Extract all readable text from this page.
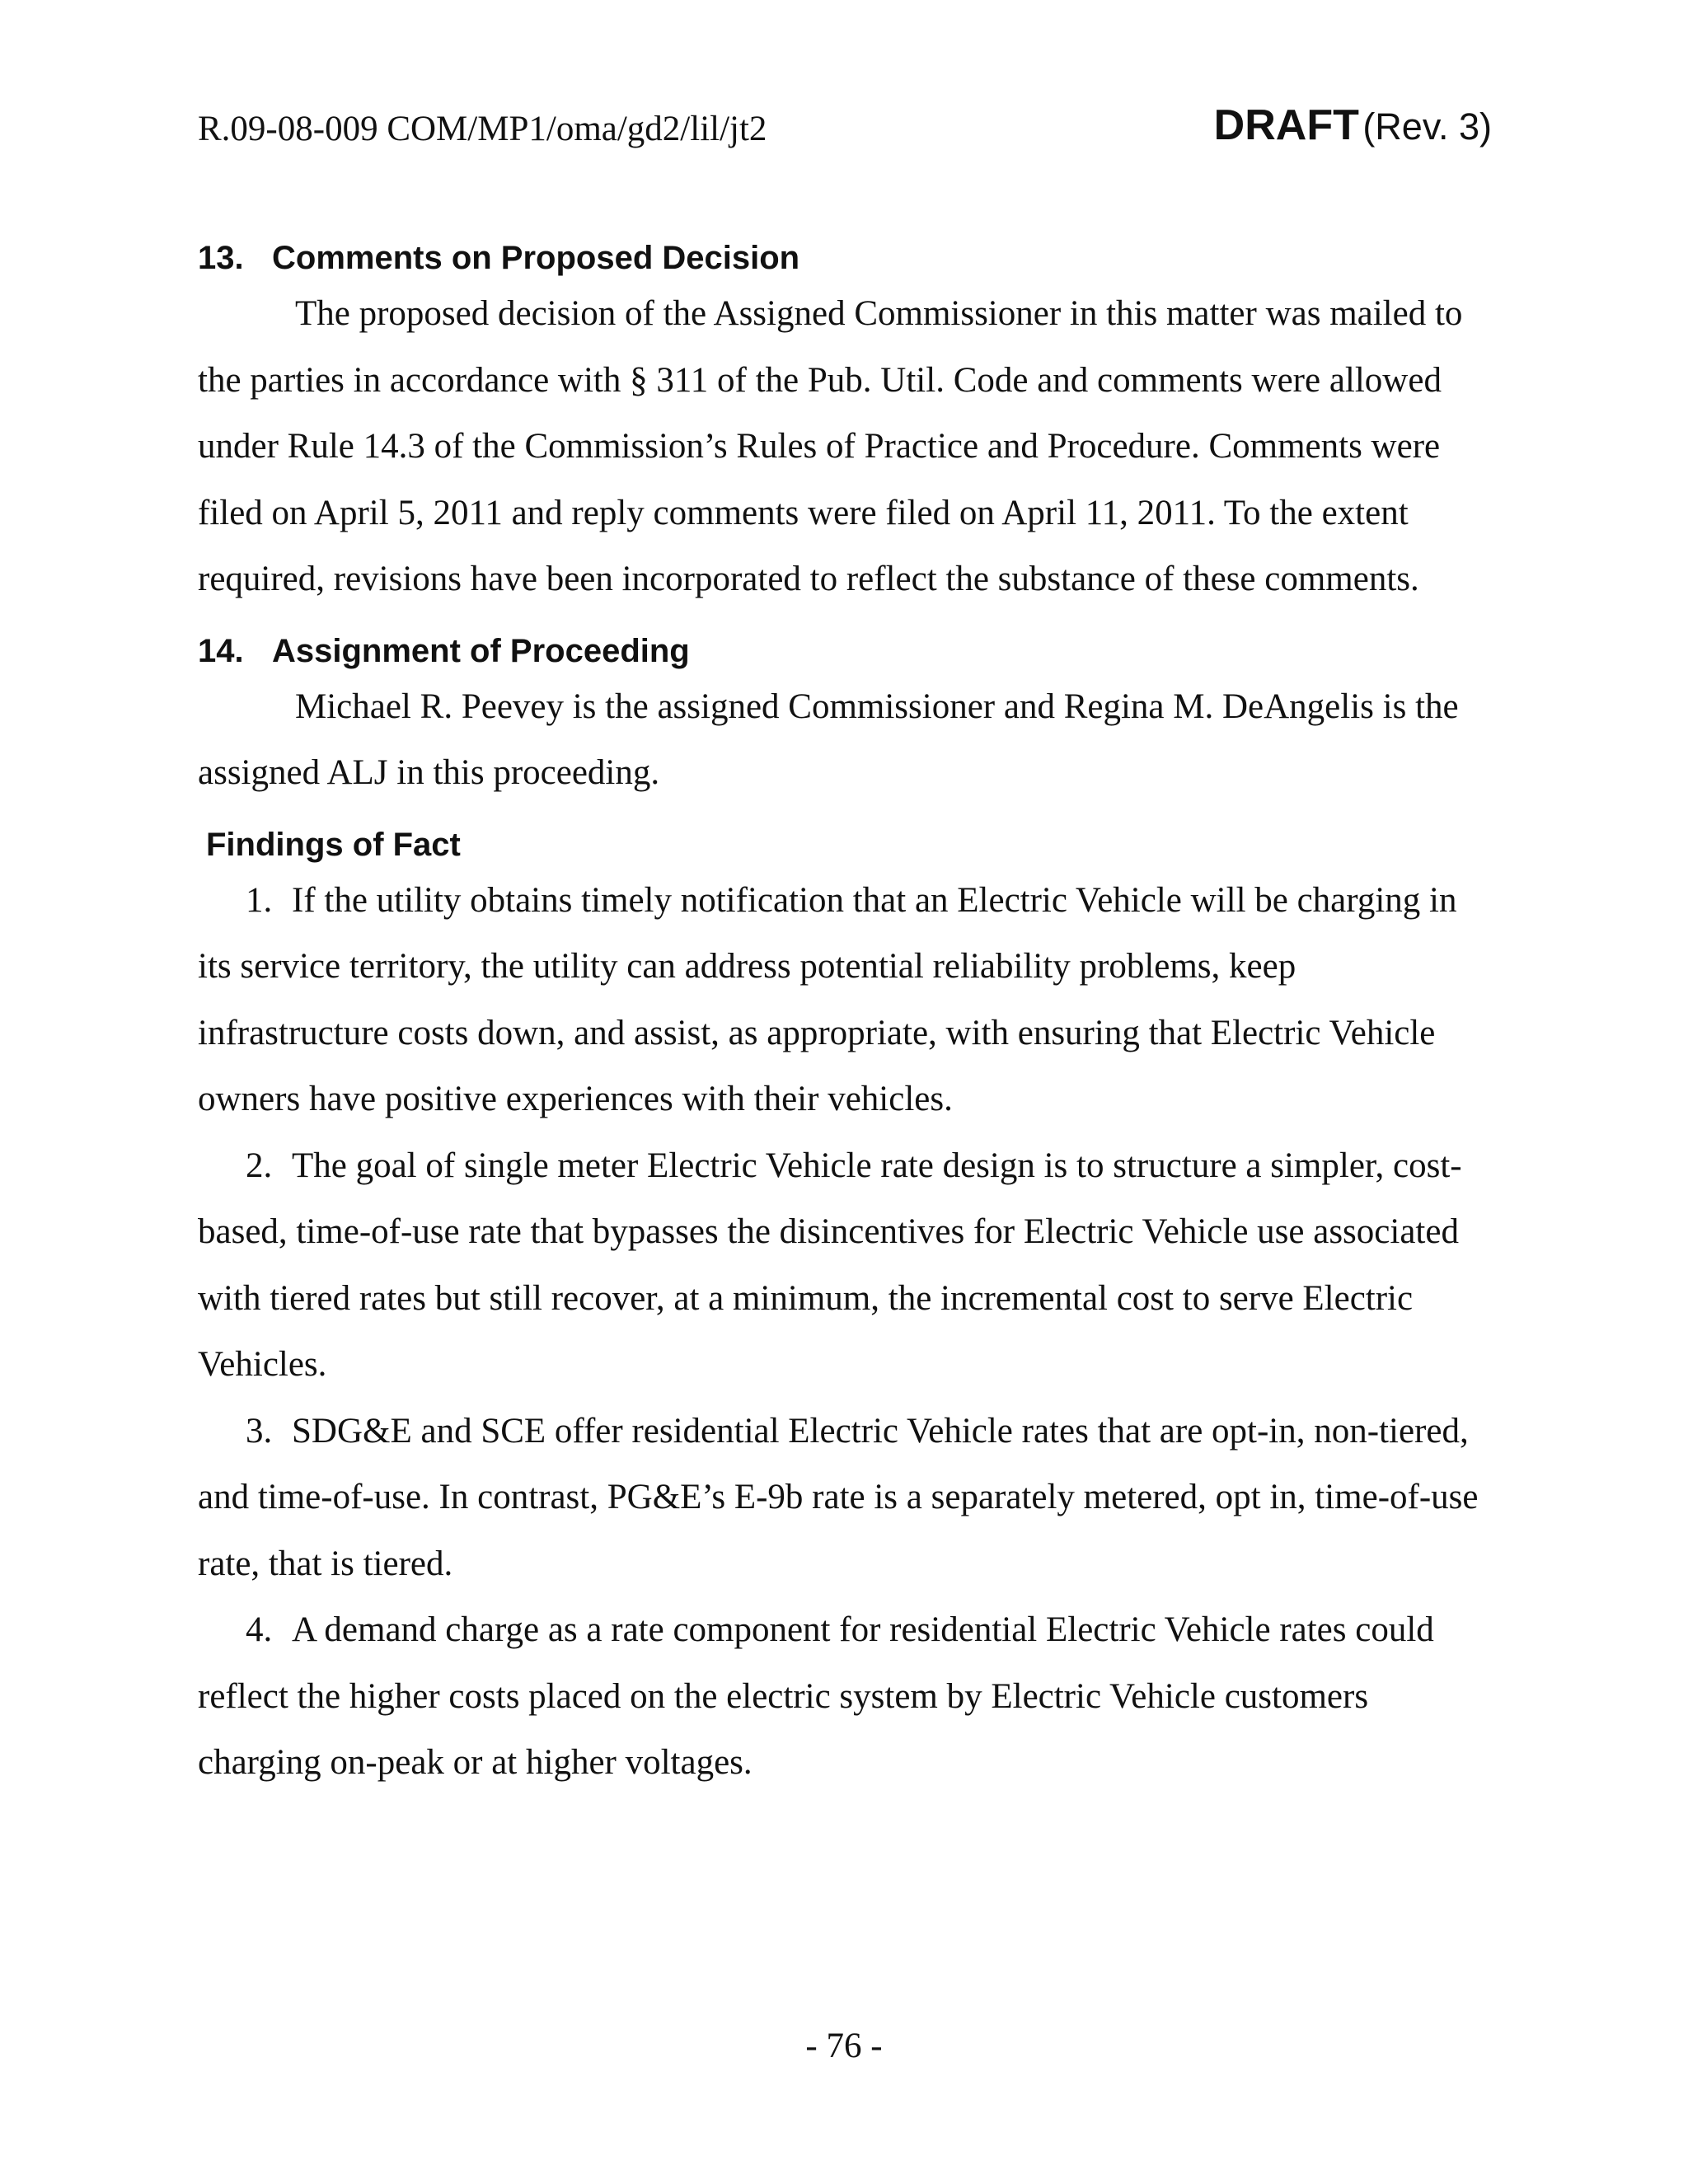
R.09-08-009 COM/MP1/oma/gd2/lil/jt2	DRAFT (Rev. 3)
13. Comments on Proposed Decision

The proposed decision of the Assigned Commissioner in this matter was mailed to the parties in accordance with § 311 of the Pub. Util. Code and comments were allowed under Rule 14.3 of the Commission’s Rules of Practice and Procedure. Comments were filed on April 5, 2011 and reply comments were filed on April 11, 2011. To the extent required, revisions have been incorporated to reflect the substance of these comments.

14. Assignment of Proceeding

Michael R. Peevey is the assigned Commissioner and Regina M. DeAngelis is the assigned ALJ in this proceeding.

Findings of Fact

1. If the utility obtains timely notification that an Electric Vehicle will be charging in its service territory, the utility can address potential reliability problems, keep infrastructure costs down, and assist, as appropriate, with ensuring that Electric Vehicle owners have positive experiences with their vehicles.

2. The goal of single meter Electric Vehicle rate design is to structure a simpler, cost-based, time-of-use rate that bypasses the disincentives for Electric Vehicle use associated with tiered rates but still recover, at a minimum, the incremental cost to serve Electric Vehicles.

3. SDG&E and SCE offer residential Electric Vehicle rates that are opt-in, non-tiered, and time-of-use. In contrast, PG&E’s E-9b rate is a separately metered, opt in, time-of-use rate, that is tiered.

4. A demand charge as a rate component for residential Electric Vehicle rates could reflect the higher costs placed on the electric system by Electric Vehicle customers charging on-peak or at higher voltages.

- 76 -
